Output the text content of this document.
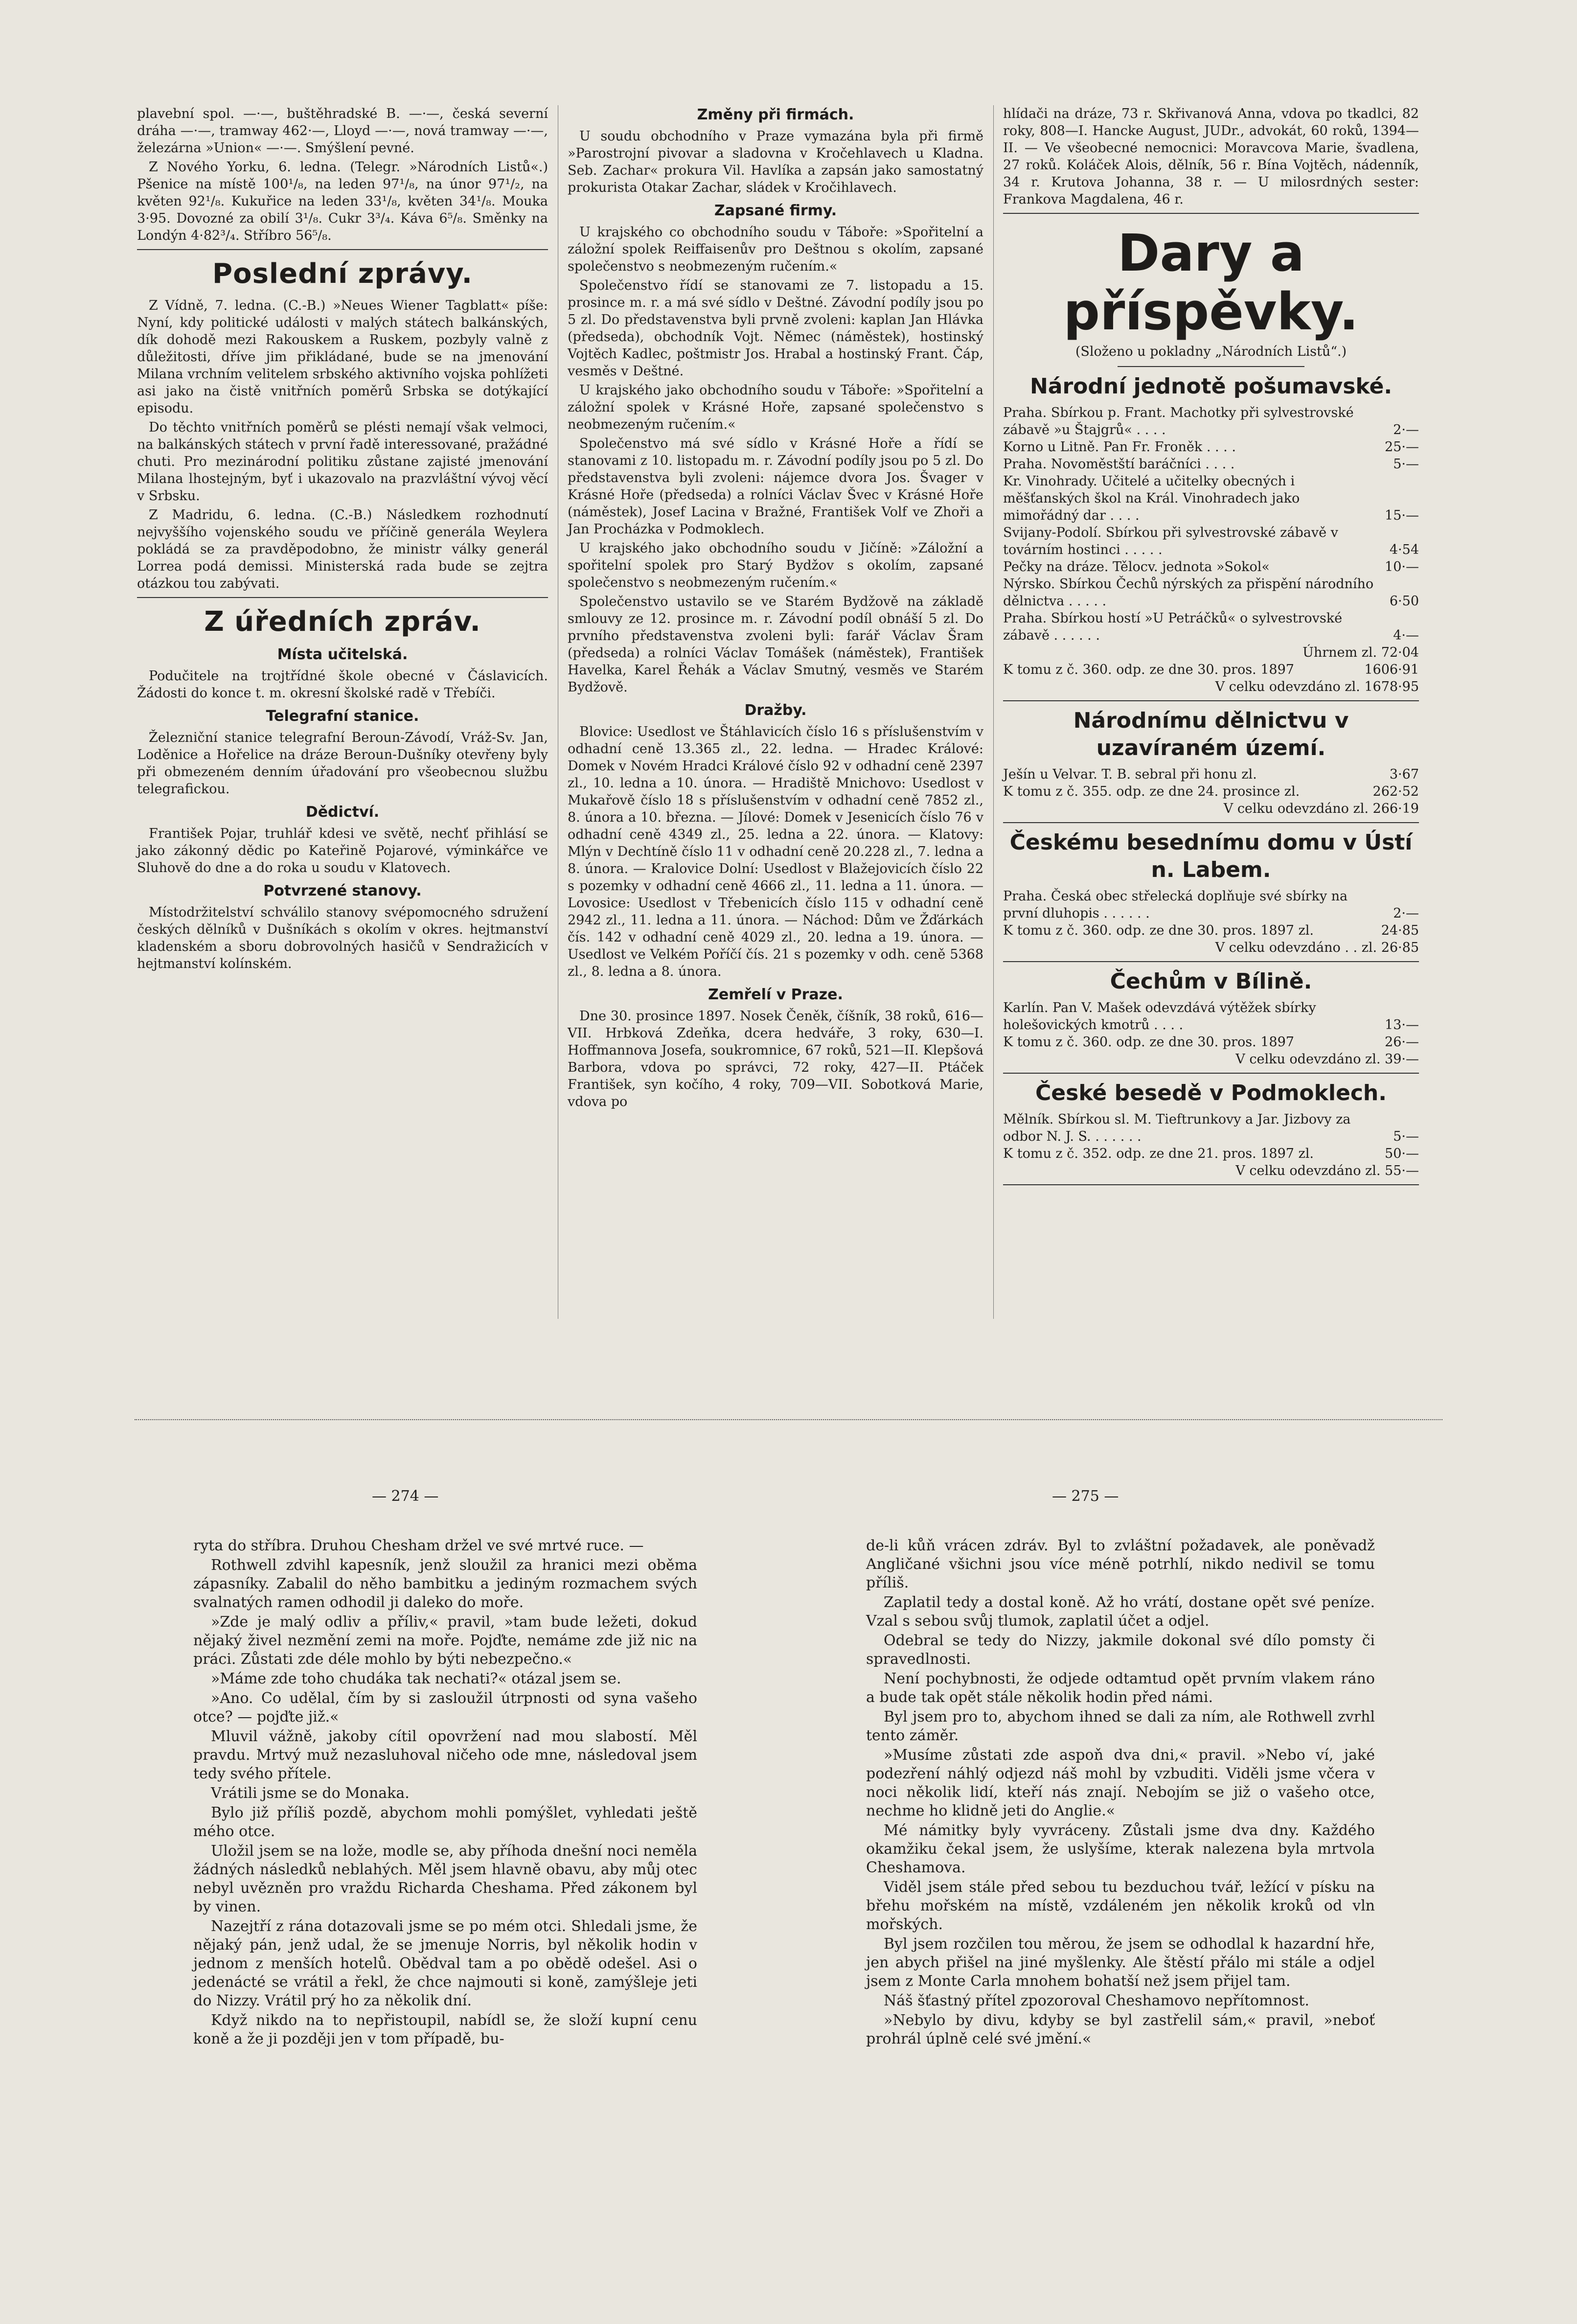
plavební spol. —·—, buštěhradské B. —·—, česká severní dráha —·—, tramway 462·—, Lloyd —·—, nová tramway —·—, železárna »Union« —·—. Smýšlení pevné.

Z Nového Yorku, 6. ledna. (Telegr. »Národních Listů«.) Pšenice na místě 100¹/₈, na leden 97¹/₈, na únor 97¹/₂, na květen 92¹/₈. Kukuřice na leden 33¹/₈, květen 34¹/₈. Mouka 3·95. Dovozné za obilí 3¹/₈. Cukr 3³/₄. Káva 6⁵/₈. Směnky na Londýn 4·82³/₄. Stříbro 56⁵/₈.

Poslední zprávy.

Z Vídně, 7. ledna. (C.-B.) »Neues Wiener Tagblatt« píše: Nyní, kdy politické události v malých státech balkánských, dík dohodě mezi Rakouskem a Ruskem, pozbyly valně z důležitosti, dříve jim přikládané, bude se na jmenování Milana vrchním velitelem srbského aktivního vojska pohlížeti asi jako na čistě vnitřních poměrů Srbska se dotýkající episodu.

Do těchto vnitřních poměrů se plésti nemají však velmoci, na balkánských státech v první řadě interessované, pražádné chuti. Pro mezinárodní politiku zůstane zajisté jmenování Milana lhostejným, byť i ukazovalo na prazvláštní vývoj věcí v Srbsku.

Z Madridu, 6. ledna. (C.-B.) Následkem rozhodnutí nejvyššího vojenského soudu ve příčině generála Weylera pokládá se za pravděpodobno, že ministr války generál Lorrea podá demissi. Ministerská rada bude se zejtra otázkou tou zabývati.

Z úředních zpráv.
Místa učitelská.

Podučitele na trojtřídné škole obecné v Čáslavicích. Žádosti do konce t. m. okresní školské radě v Třebíči.

Telegrafní stanice.

Železniční stanice telegrafní Beroun-Závodí, Vráž-Sv. Jan, Loděnice a Hořelice na dráze Beroun-Dušníky otevřeny byly při obmezeném denním úřadování pro všeobecnou službu telegrafickou.

Dědictví.

František Pojar, truhlář kdesi ve světě, nechť přihlásí se jako zákonný dědic po Kateřině Pojarové, výminkářce ve Sluhově do dne a do roka u soudu v Klatovech.

Potvrzené stanovy.

Místodržitelství schválilo stanovy svépomocného sdružení českých dělníků v Dušníkách s okolím v okres. hejtmanství kladenském a sboru dobrovolných hasičů v Sendražicích v hejtmanství kolínském.

Změny při firmách.

U soudu obchodního v Praze vymazána byla při firmě »Parostrojní pivovar a sladovna v Kročehlavech u Kladna. Seb. Zachar« prokura Vil. Havlíka a zapsán jako samostatný prokurista Otakar Zachar, sládek v Kročihlavech.

Zapsané firmy.

U krajského co obchodního soudu v Táboře: »Spořitelní a záložní spolek Reiffaisenův pro Deštnou s okolím, zapsané společenstvo s neobmezeným ručením.«

Společenstvo řídí se stanovami ze 7. listopadu a 15. prosince m. r. a má své sídlo v Deštné. Závodní podíly jsou po 5 zl. Do představenstva byli prvně zvoleni: kaplan Jan Hlávka (předseda), obchodník Vojt. Němec (náměstek), hostinský Vojtěch Kadlec, poštmistr Jos. Hrabal a hostinský Frant. Čáp, vesměs v Deštné.

U krajského jako obchodního soudu v Táboře: »Spořitelní a záložní spolek v Krásné Hoře, zapsané společenstvo s neobmezeným ručením.«

Společenstvo má své sídlo v Krásné Hoře a řídí se stanovami z 10. listopadu m. r. Závodní podíly jsou po 5 zl. Do představenstva byli zvoleni: nájemce dvora Jos. Švager v Krásné Hoře (předseda) a rolníci Václav Švec v Krásné Hoře (náměstek), Josef Lacina v Bražné, František Volf ve Zhoři a Jan Procházka v Podmoklech.

U krajského jako obchodního soudu v Jičíně: »Záložní a spořitelní spolek pro Starý Bydžov s okolím, zapsané společenstvo s neobmezeným ručením.«

Společenstvo ustavilo se ve Starém Bydžově na základě smlouvy ze 12. prosince m. r. Závodní podíl obnáší 5 zl. Do prvního představenstva zvoleni byli: farář Václav Šram (předseda) a rolníci Václav Tomášek (náměstek), František Havelka, Karel Řehák a Václav Smutný, vesměs ve Starém Bydžově.

Dražby.

Blovice: Usedlost ve Štáhlavicích číslo 16 s příslušenstvím v odhadní ceně 13.365 zl., 22. ledna. — Hradec Králové: Domek v Novém Hradci Králové číslo 92 v odhadní ceně 2397 zl., 10. ledna a 10. února. — Hradiště Mnichovo: Usedlost v Mukařově číslo 18 s příslušenstvím v odhadní ceně 7852 zl., 8. února a 10. března. — Jílové: Domek v Jesenicích číslo 76 v odhadní ceně 4349 zl., 25. ledna a 22. února. — Klatovy: Mlýn v Dechtíně číslo 11 v odhadní ceně 20.228 zl., 7. ledna a 8. února. — Kralovice Dolní: Usedlost v Blažejovicích číslo 22 s pozemky v odhadní ceně 4666 zl., 11. ledna a 11. února. — Lovosice: Usedlost v Třebenicích číslo 115 v odhadní ceně 2942 zl., 11. ledna a 11. února. — Náchod: Dům ve Žďárkách čís. 142 v odhadní ceně 4029 zl., 20. ledna a 19. února. — Usedlost ve Velkém Poříčí čís. 21 s pozemky v odh. ceně 5368 zl., 8. ledna a 8. února.

Zemřelí v Praze.

Dne 30. prosince 1897. Nosek Čeněk, číšník, 38 roků, 616—VII. Hrbková Zdeňka, dcera hedváře, 3 roky, 630—I. Hoffmannova Josefa, soukromnice, 67 roků, 521—II. Klepšová Barbora, vdova po správci, 72 roky, 427—II. Ptáček František, syn kočího, 4 roky, 709—VII. Sobotková Marie, vdova po

hlídači na dráze, 73 r. Skřivanová Anna, vdova po tkadlci, 82 roky, 808—I. Hancke August, JUDr., advokát, 60 roků, 1394—II. — Ve všeobecné nemocnici: Moravcova Marie, švadlena, 27 roků. Koláček Alois, dělník, 56 r. Bína Vojtěch, nádenník, 34 r. Krutova Johanna, 38 r. — U milosrdných sester: Frankova Magdalena, 46 r.

Dary a příspěvky.
(Složeno u pokladny „Národních Listů“.)
Národní jednotě pošumavské.
Praha. Sbírkou p. Frant. Machotky při sylvestrovské zábavě »u Štajgrů« . . . .	2·—
Korno u Litně. Pan Fr. Froněk . . . .	25·—
Praha. Novoměstští baráčníci . . . .	5·—
Kr. Vinohrady. Učitelé a učitelky obecných i měšťanských škol na Král. Vinohradech jako mimořádný dar . . . .	15·—
Svijany-Podolí. Sbírkou při sylvestrovské zábavě v továrním hostinci . . . . .	4·54
Pečky na dráze. Tělocv. jednota »Sokol«	10·—
Nýrsko. Sbírkou Čechů nýrských za přispění národního dělnictva . . . . .	6·50
Praha. Sbírkou hostí »U Petráčků« o sylvestrovské zábavě . . . . . .	4·—
Úhrnem zl. 72·04
K tomu z č. 360. odp. ze dne 30. pros. 1897	1606·91
V celku odevzdáno zl. 1678·95
Národnímu dělnictvu v uzavíraném území.
Ješín u Velvar. T. B. sebral při honu zl.	3·67
K tomu z č. 355. odp. ze dne 24. prosince zl.	262·52
V celku odevzdáno zl. 266·19
Českému besednímu domu v Ústí n. Labem.
Praha. Česká obec střelecká doplňuje své sbírky na první dluhopis . . . . . .	2·—
K tomu z č. 360. odp. ze dne 30. pros. 1897 zl.	24·85
V celku odevzdáno . . zl. 26·85
Čechům v Bílině.
Karlín. Pan V. Mašek odevzdává výtěžek sbírky holešovických kmotrů . . . .	13·—
K tomu z č. 360. odp. ze dne 30. pros. 1897	26·—
V celku odevzdáno zl. 39·—
České besedě v Podmoklech.
Mělník. Sbírkou sl. M. Tieftrunkovy a Jar. Jizbovy za odbor N. J. S. . . . . . .	5·—
K tomu z č. 352. odp. ze dne 21. pros. 1897 zl.	50·—
V celku odevzdáno zl. 55·—
— 274 —	— 275 —

ryta do stříbra. Druhou Chesham držel ve své mrtvé ruce. —

Rothwell zdvihl kapesník, jenž sloužil za hranici mezi oběma zápasníky. Zabalil do něho bambitku a jediným rozmachem svých svalnatých ramen odhodil ji daleko do moře.

»Zde je malý odliv a příliv,« pravil, »tam bude ležeti, dokud nějaký živel nezmění zemi na moře. Pojďte, nemáme zde již nic na práci. Zůstati zde déle mohlo by býti nebezpečno.«

»Máme zde toho chudáka tak nechati?« otázal jsem se.

»Ano. Co udělal, čím by si zasloužil útrpnosti od syna vašeho otce? — pojďte již.«

Mluvil vážně, jakoby cítil opovržení nad mou slabostí. Měl pravdu. Mrtvý muž nezasluhoval ničeho ode mne, následoval jsem tedy svého přítele.

Vrátili jsme se do Monaka.

Bylo již příliš pozdě, abychom mohli pomýšlet, vyhledati ještě mého otce.

Uložil jsem se na lože, modle se, aby příhoda dnešní noci neměla žádných následků neblahých. Měl jsem hlavně obavu, aby můj otec nebyl uvězněn pro vraždu Richarda Cheshama. Před zákonem byl by vinen.

Nazejtří z rána dotazovali jsme se po mém otci. Shledali jsme, že nějaký pán, jenž udal, že se jmenuje Norris, byl několik hodin v jednom z menších hotelů. Obědval tam a po obědě odešel. Asi o jedenácté se vrátil a řekl, že chce najmouti si koně, zamýšleje jeti do Nizzy. Vrátil prý ho za několik dní.

Když nikdo na to nepřistoupil, nabídl se, že složí kupní cenu koně a že ji později jen v tom případě, bu-

de-li kůň vrácen zdráv. Byl to zvláštní požadavek, ale poněvadž Angličané všichni jsou více méně potrhlí, nikdo nedivil se tomu příliš.

Zaplatil tedy a dostal koně. Až ho vrátí, dostane opět své peníze. Vzal s sebou svůj tlumok, zaplatil účet a odjel.

Odebral se tedy do Nizzy, jakmile dokonal své dílo pomsty či spravedlnosti.

Není pochybnosti, že odjede odtamtud opět prvním vlakem ráno a bude tak opět stále několik hodin před námi.

Byl jsem pro to, abychom ihned se dali za ním, ale Rothwell zvrhl tento záměr.

»Musíme zůstati zde aspoň dva dni,« pravil. »Nebo ví, jaké podezření náhlý odjezd náš mohl by vzbuditi. Viděli jsme včera v noci několik lidí, kteří nás znají. Nebojím se již o vašeho otce, nechme ho klidně jeti do Anglie.«

Mé námitky byly vyvráceny. Zůstali jsme dva dny. Každého okamžiku čekal jsem, že uslyšíme, kterak nalezena byla mrtvola Cheshamova.

Viděl jsem stále před sebou tu bezduchou tvář, ležící v písku na břehu mořském na místě, vzdáleném jen několik kroků od vln mořských.

Byl jsem rozčilen tou měrou, že jsem se odhodlal k hazardní hře, jen abych přišel na jiné myšlenky. Ale štěstí přálo mi stále a odjel jsem z Monte Carla mnohem bohatší než jsem přijel tam.

Náš šťastný přítel zpozoroval Cheshamovo nepřítomnost.

»Nebylo by divu, kdyby se byl zastřelil sám,« pravil, »neboť prohrál úplně celé své jmění.«
